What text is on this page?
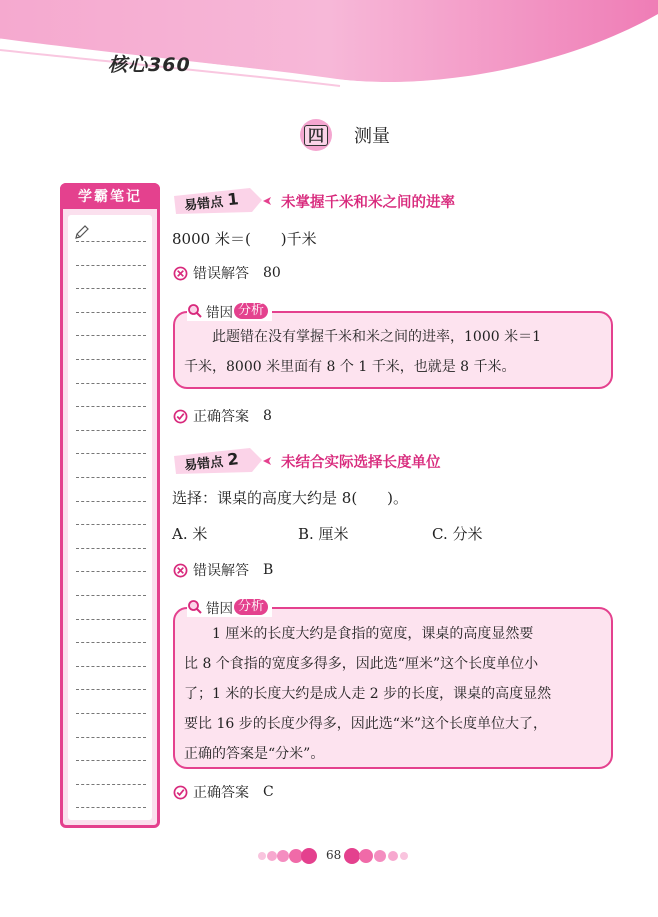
核心360
四 测量
学霸笔记	易错点 1	未掌握千米和米之间的进率
8000 米＝(　　)千米
错误解答 80
错因 分析

此题错在没有掌握千米和米之间的进率，1000 米＝1

千米，8000 米里面有 8 个 1 千米，也就是 8 千米。

正确答案 8
易错点 2	未结合实际选择长度单位
选择：课桌的高度大约是 8(　　)。
A. 米	B. 厘米	C. 分米
错误解答 B
错因 分析

1 厘米的长度大约是食指的宽度，课桌的高度显然要

比 8 个食指的宽度多得多，因此选“厘米”这个长度单位小

了；1 米的长度大约是成人走 2 步的长度，课桌的高度显然

要比 16 步的长度少得多，因此选“米”这个长度单位大了，

正确的答案是“分米”。

正确答案 C
68
